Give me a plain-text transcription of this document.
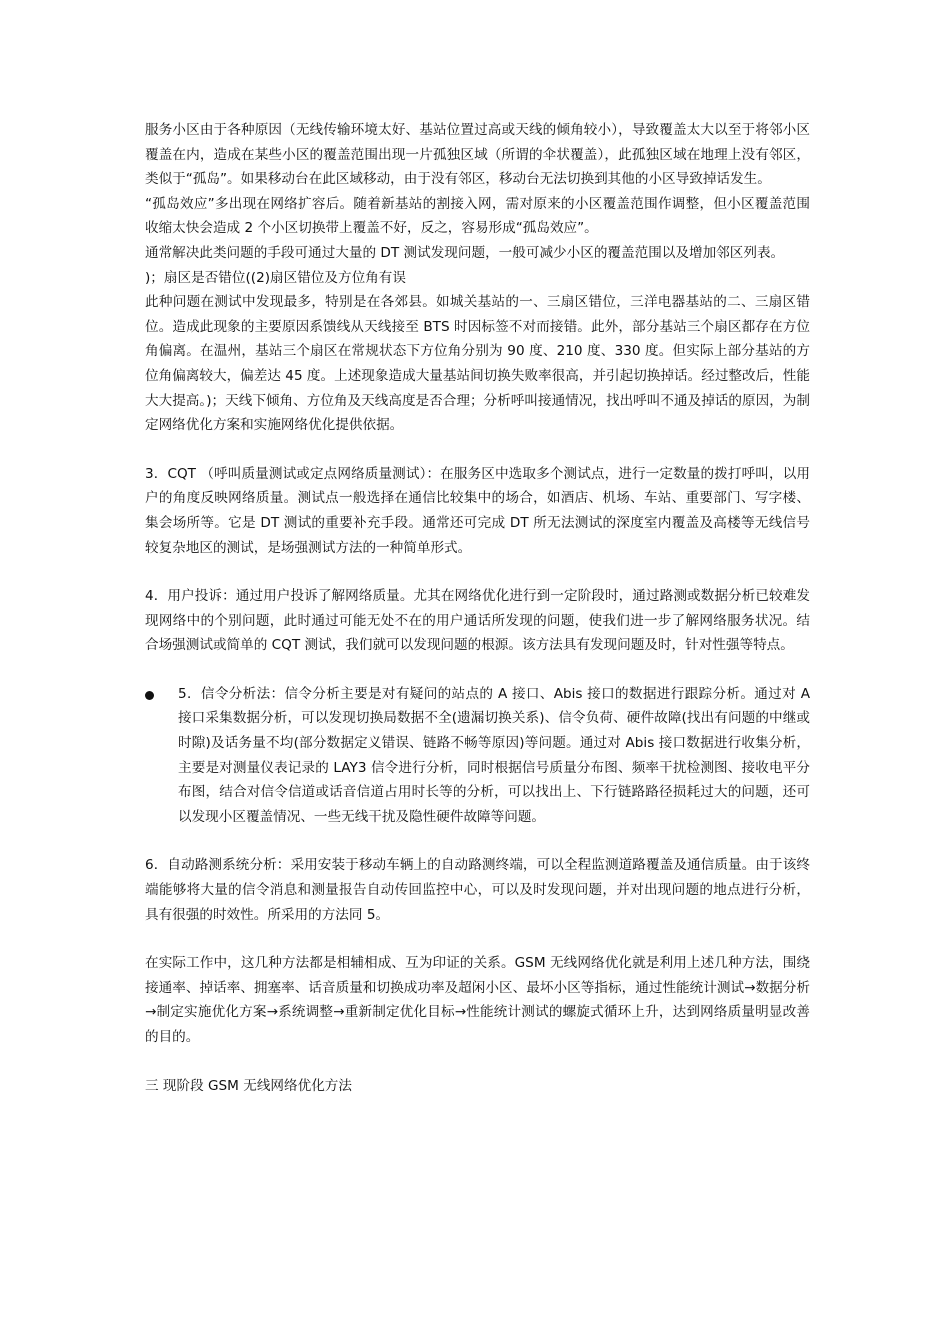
服务小区由于各种原因（无线传输环境太好、基站位置过高或天线的倾角较小），导致覆盖太大以至于将邻小区覆盖在内，造成在某些小区的覆盖范围出现一片孤独区域（所谓的伞状覆盖），此孤独区域在地理上没有邻区，类似于“孤岛”。如果移动台在此区域移动，由于没有邻区，移动台无法切换到其他的小区导致掉话发生。

“孤岛效应”多出现在网络扩容后。随着新基站的割接入网，需对原来的小区覆盖范围作调整，但小区覆盖范围收缩太快会造成 2 个小区切换带上覆盖不好，反之，容易形成“孤岛效应”。

通常解决此类问题的手段可通过大量的 DT 测试发现问题，一般可减少小区的覆盖范围以及增加邻区列表。

)；扇区是否错位((2)扇区错位及方位角有误

此种问题在测试中发现最多，特别是在各郊县。如城关基站的一、三扇区错位，三洋电器基站的二、三扇区错位。造成此现象的主要原因系馈线从天线接至 BTS 时因标签不对而接错。此外，部分基站三个扇区都存在方位角偏离。在温州，基站三个扇区在常规状态下方位角分别为 90 度、210 度、330 度。但实际上部分基站的方位角偏离较大，偏差达 45 度。上述现象造成大量基站间切换失败率很高，并引起切换掉话。经过整改后，性能大大提高。)；天线下倾角、方位角及天线高度是否合理；分析呼叫接通情况，找出呼叫不通及掉话的原因，为制定网络优化方案和实施网络优化提供依据。

3．CQT （呼叫质量测试或定点网络质量测试）：在服务区中选取多个测试点，进行一定数量的拨打呼叫，以用户的角度反映网络质量。测试点一般选择在通信比较集中的场合，如酒店、机场、车站、重要部门、写字楼、集会场所等。它是 DT 测试的重要补充手段。通常还可完成 DT 所无法测试的深度室内覆盖及高楼等无线信号较复杂地区的测试，是场强测试方法的一种简单形式。

4．用户投诉：通过用户投诉了解网络质量。尤其在网络优化进行到一定阶段时，通过路测或数据分析已较难发现网络中的个别问题，此时通过可能无处不在的用户通话所发现的问题，使我们进一步了解网络服务状况。结合场强测试或简单的 CQT 测试，我们就可以发现问题的根源。该方法具有发现问题及时，针对性强等特点。

5．信令分析法：信令分析主要是对有疑问的站点的 A 接口、Abis 接口的数据进行跟踪分析。通过对 A 接口采集数据分析，可以发现切换局数据不全(遗漏切换关系)、信令负荷、硬件故障(找出有问题的中继或时隙)及话务量不均(部分数据定义错误、链路不畅等原因)等问题。通过对 Abis 接口数据进行收集分析，主要是对测量仪表记录的 LAY3 信令进行分析，同时根据信号质量分布图、频率干扰检测图、接收电平分布图，结合对信令信道或话音信道占用时长等的分析，可以找出上、下行链路路径损耗过大的问题，还可以发现小区覆盖情况、一些无线干扰及隐性硬件故障等问题。

6．自动路测系统分析：采用安装于移动车辆上的自动路测终端，可以全程监测道路覆盖及通信质量。由于该终端能够将大量的信令消息和测量报告自动传回监控中心，可以及时发现问题，并对出现问题的地点进行分析，具有很强的时效性。所采用的方法同 5。

在实际工作中，这几种方法都是相辅相成、互为印证的关系。GSM 无线网络优化就是利用上述几种方法，围绕接通率、掉话率、拥塞率、话音质量和切换成功率及超闲小区、最坏小区等指标，通过性能统计测试→数据分析→制定实施优化方案→系统调整→重新制定优化目标→性能统计测试的螺旋式循环上升，达到网络质量明显改善的目的。

三 现阶段 GSM 无线网络优化方法
